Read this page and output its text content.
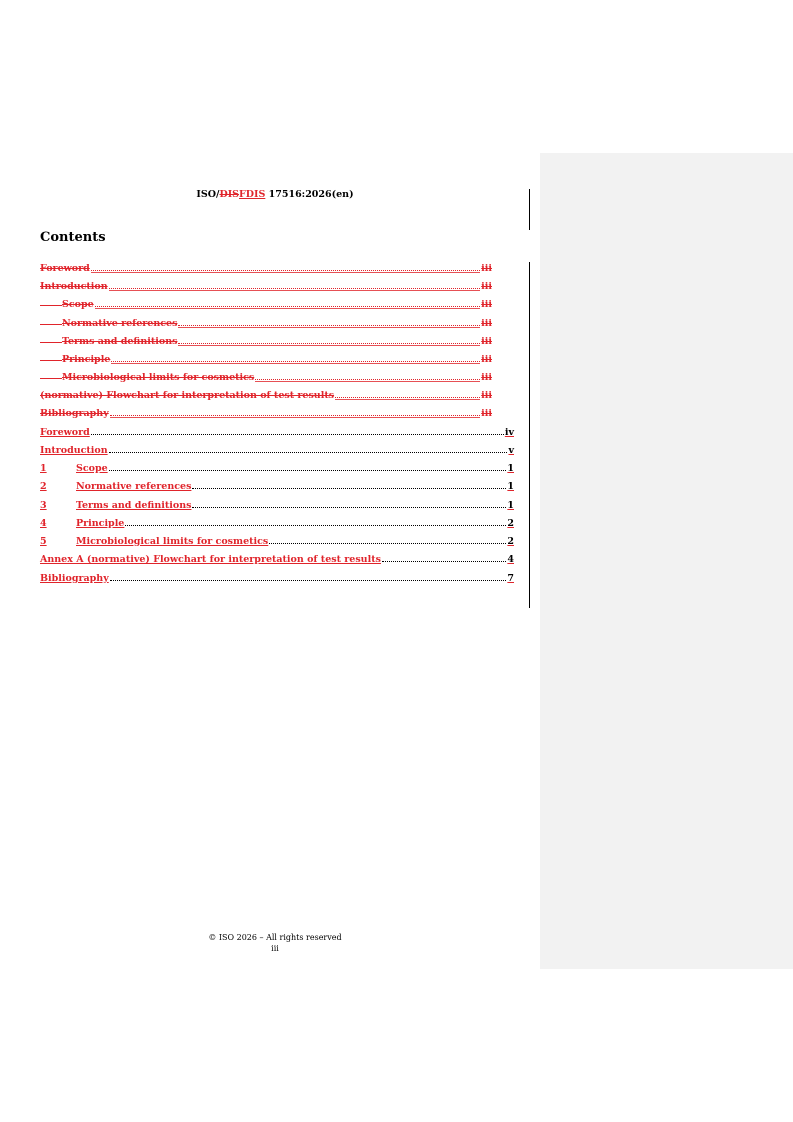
ISO/DISFDIS 17516:2026(en)
Contents
Foreword	iii
Introduction	iii
Scope	iii
Normative references	iii
Terms and definitions	iii
Principle	iii
Microbiological limits for cosmetics	iii
(normative) Flowchart for interpretation of test results	iii
Bibliography	iii
Foreword	iv
Introduction	v
1	Scope	1
2	Normative references	1
3	Terms and definitions	1
4	Principle	2
5	Microbiological limits for cosmetics	2
Annex A (normative) Flowchart for interpretation of test results	4
Bibliography	7
© ISO 2026 – All rights reserved
iii
